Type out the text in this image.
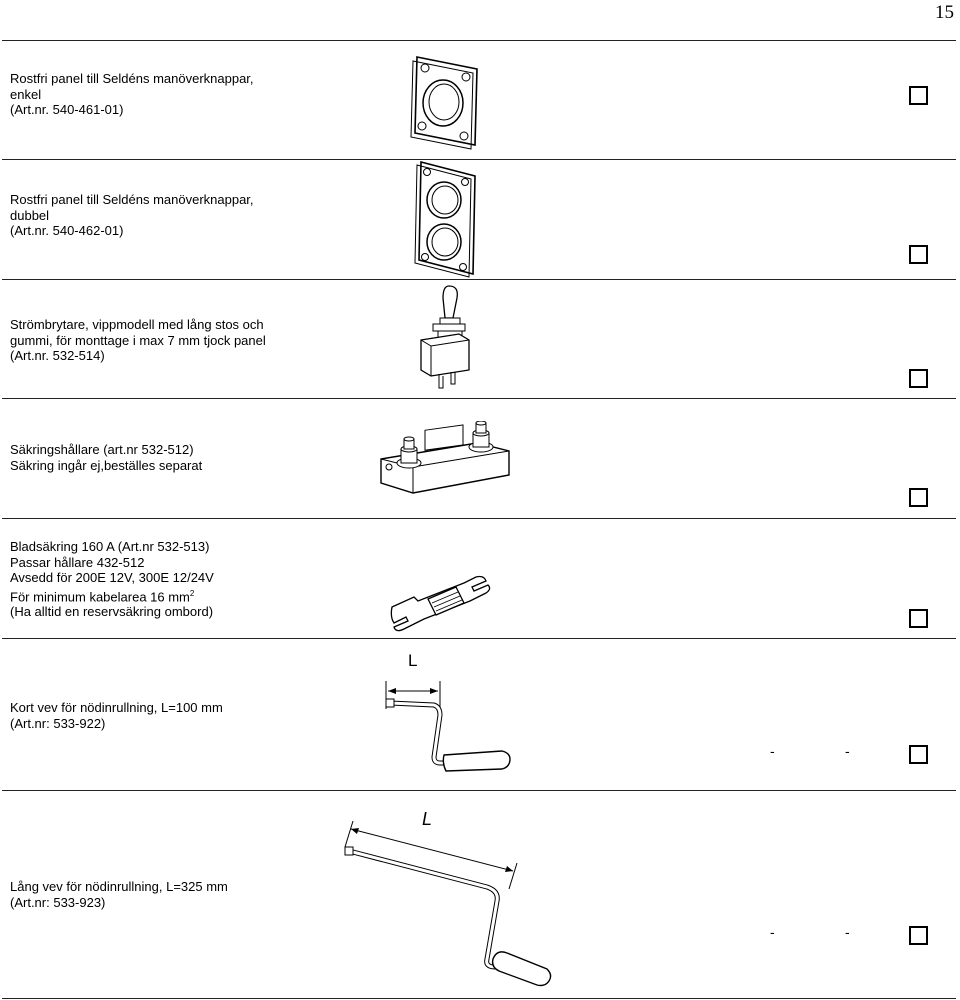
15
Rostfri panel till Seldéns manöverknappar,
enkel
(Art.nr. 540-461-01)
Rostfri panel till Seldéns manöverknappar,
dubbel
(Art.nr. 540-462-01)
Strömbrytare, vippmodell med lång stos och
gummi, för monttage i max 7 mm tjock panel
(Art.nr. 532-514)
Säkringshållare (art.nr 532-512)
Säkring ingår ej,beställes separat
Bladsäkring 160 A (Art.nr 532-513)
Passar hållare 432-512
Avsedd för 200E 12V, 300E 12/24V
För minimum kabelarea 16 $mm^2$
(Ha alltid en reservsäkring ombord)
Kort vev för nödinrullning, L=100 mm
(Art.nr: 533-922)
L
-	-
Lång vev för nödinrullning, L=325 mm
(Art.nr: 533-923)
L
-	-
